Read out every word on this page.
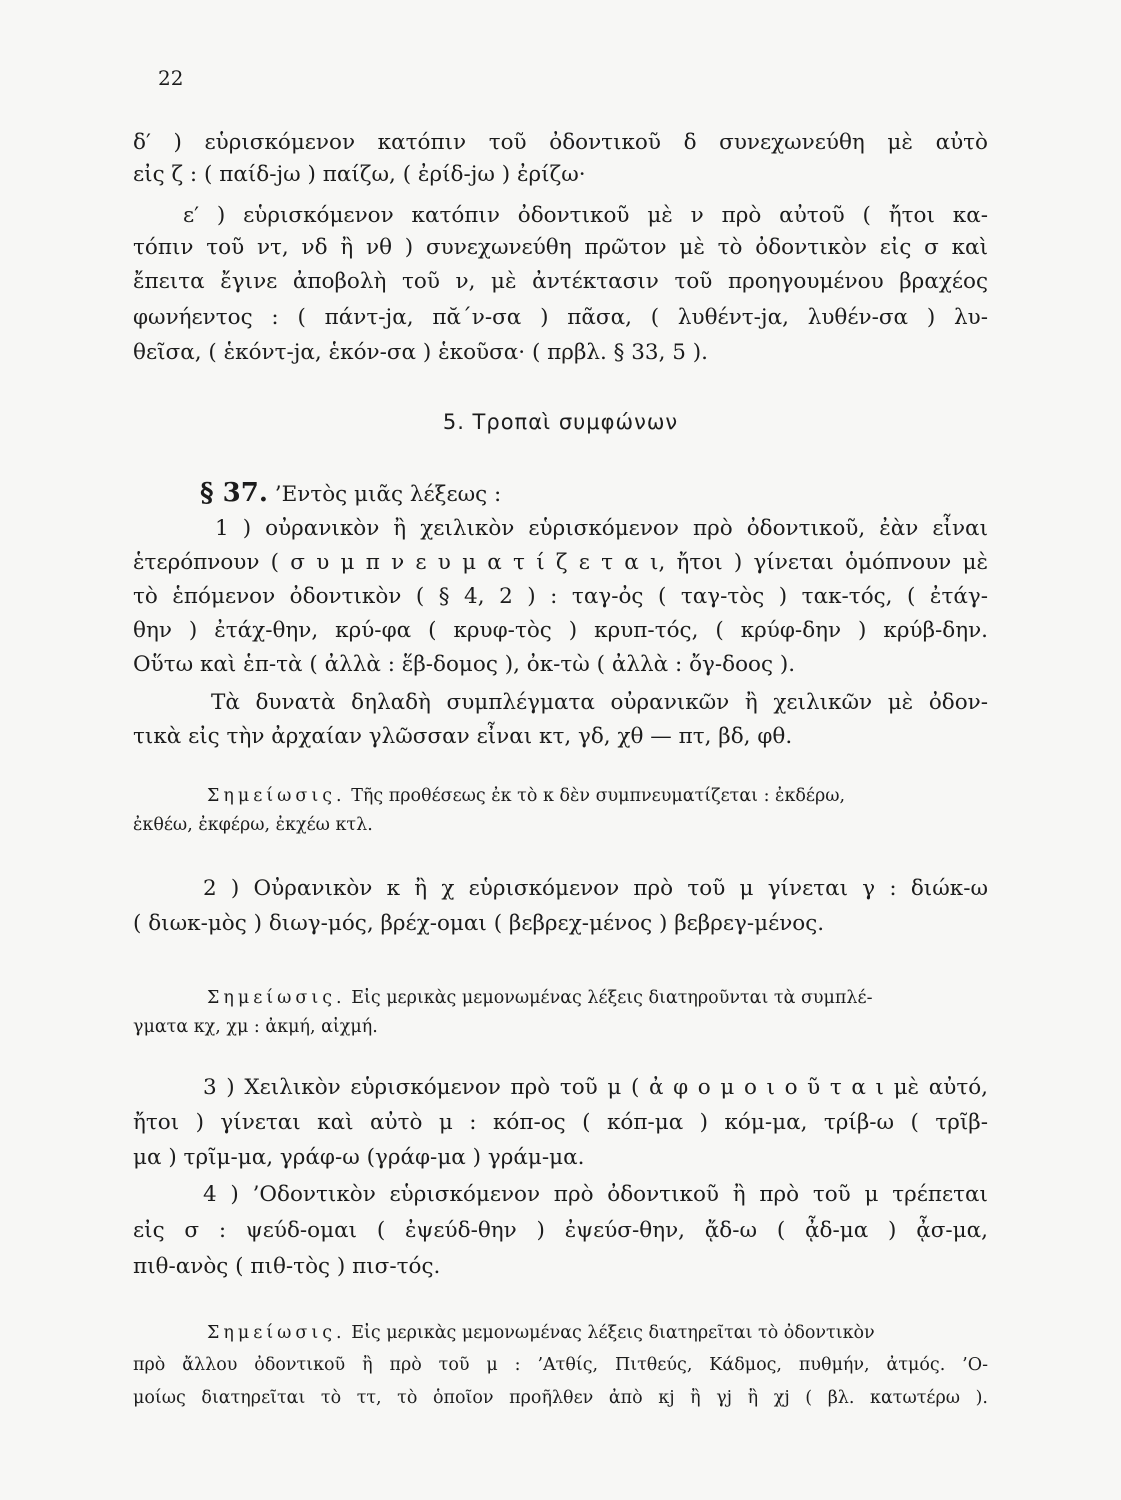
22
δ′ ) εὑρισκόμενον κατόπιν τοῦ ὀδοντικοῦ δ συνεχωνεύθη μὲ αὐτὸ
εἰς ζ : ( παίδ-jω ) παίζω, ( ἐρίδ-jω ) ἐρίζω·
ε′ ) εὑρισκόμενον κατόπιν ὀδοντικοῦ μὲ ν πρὸ αὐτοῦ ( ἤτοι κα-
τόπιν τοῦ ντ, νδ ἢ νθ ) συνεχωνεύθη πρῶτον μὲ τὸ ὀδοντικὸν εἰς σ καὶ
ἔπειτα ἔγινε ἀποβολὴ τοῦ ν, μὲ ἀντέκτασιν τοῦ προηγουμένου βραχέος
φωνήεντος : ( πάντ-jα, πᾰ΄ν-σα ) πᾶσα, ( λυθέντ-jα, λυθέν-σα ) λυ-
θεῖσα, ( ἑκόντ-jα, ἑκόν-σα ) ἑκοῦσα· ( πρβλ. § 33, 5 ).
5. Τροπαὶ συμφώνων
§ 37. ’Εντὸς μιᾶς λέξεως :
1 ) οὐρανικὸν ἢ χειλικὸν εὑρισκόμενον πρὸ ὀδοντικοῦ, ἐὰν εἶναι
ἑτερόπνουν ( σ υ μ π ν ε υ μ α τ ί ζ ε τ α ι, ἤτοι ) γίνεται ὁμόπνουν μὲ
τὸ ἑπόμενον ὀδοντικὸν ( § 4, 2 ) : ταγ-ὀς ( ταγ-τὸς ) τακ-τός, ( ἐτάγ-
θην ) ἐτάχ-θην, κρύ-φα ( κρυφ-τὸς ) κρυπ-τός, ( κρύφ-δην ) κρύβ-δην.
Οὕτω καὶ ἑπ-τὰ ( ἀλλὰ : ἕβ-δομος ), ὀκ-τὼ ( ἀλλὰ : ὄγ-δοος ).
Τὰ δυνατὰ δηλαδὴ συμπλέγματα οὐρανικῶν ἢ χειλικῶν μὲ ὀδον-
τικὰ εἰς τὴν ἀρχαίαν γλῶσσαν εἶναι κτ, γδ, χθ — πτ, βδ, φθ.
Σημείωσις. Τῆς προθέσεως ἐκ τὸ κ δὲν συμπνευματίζεται : ἐκδέρω,
ἐκθέω, ἐκφέρω, ἐκχέω κτλ.
2 ) Οὐρανικὸν κ ἢ χ εὑρισκόμενον πρὸ τοῦ μ γίνεται γ : διώκ-ω
( διωκ-μὸς ) διωγ-μός, βρέχ-ομαι ( βεβρεχ-μένος ) βεβρεγ-μένος.
Σημείωσις. Εἰς μερικὰς μεμονωμένας λέξεις διατηροῦνται τὰ συμπλέ-
γματα κχ, χμ : ἀκμή, αἰχμή.
3 ) Χειλικὸν εὑρισκόμενον πρὸ τοῦ μ ( ἀ φ ο μ ο ι ο ῦ τ α ι μὲ αὐτό,
ἤτοι ) γίνεται καὶ αὐτὸ μ : κόπ-ος ( κόπ-μα ) κόμ-μα, τρίβ-ω ( τρῖβ-
μα ) τρῖμ-μα, γράφ-ω (γράφ-μα ) γράμ-μα.
4 ) ’Οδοντικὸν εὑρισκόμενον πρὸ ὀδοντικοῦ ἢ πρὸ τοῦ μ τρέπεται
εἰς σ : ψεύδ-ομαι ( ἐψεύδ-θην ) ἐψεύσ-θην, ᾄδ-ω ( ᾆδ-μα ) ᾆσ-μα,
πιθ-ανὸς ( πιθ-τὸς ) πισ-τός.
Σημείωσις. Εἰς μερικὰς μεμονωμένας λέξεις διατηρεῖται τὸ ὀδοντικὸν
πρὸ ἄλλου ὀδοντικοῦ ἢ πρὸ τοῦ μ : ’Ατθίς, Πιτθεύς, Κάδμος, πυθμήν, ἀτμός. ’Ο-
μοίως διατηρεῖται τὸ ττ, τὸ ὁποῖον προῆλθεν ἀπὸ κj ἢ γj ἢ χj ( βλ. κατωτέρω ).
